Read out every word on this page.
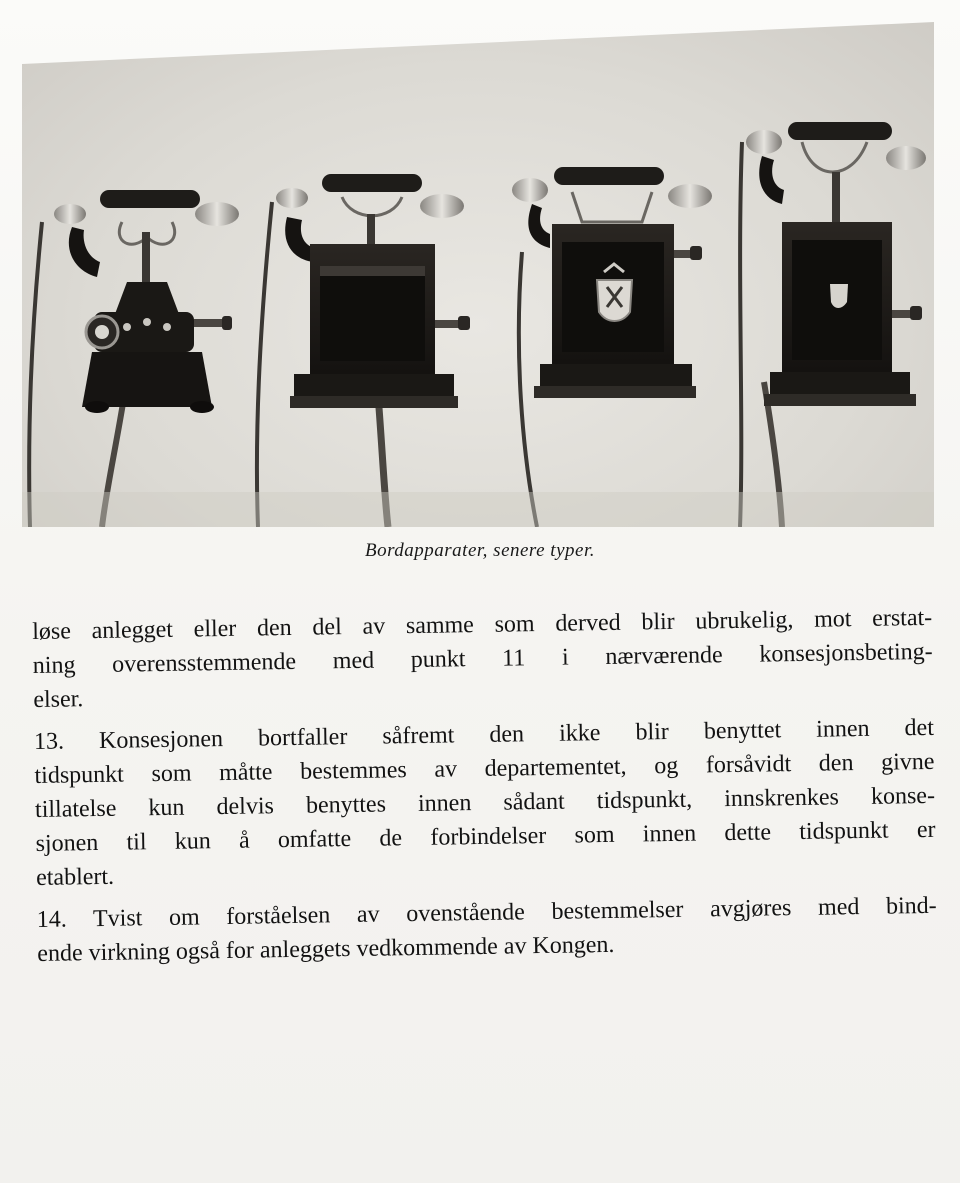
Bordapparater, senere typer.
løse anlegget eller den del av samme som derved blir ubrukelig, mot erstat-
ning overensstemmende med punkt 11 i nærværende konsesjonsbeting-
elser.
13. Konsesjonen bortfaller såfremt den ikke blir benyttet innen det
tidspunkt som måtte bestemmes av departementet, og forsåvidt den givne
tillatelse kun delvis benyttes innen sådant tidspunkt, innskrenkes konse-
sjonen til kun å omfatte de forbindelser som innen dette tidspunkt er
etablert.
14. Tvist om forståelsen av ovenstående bestemmelser avgjøres med bind-
ende virkning også for anleggets vedkommende av Kongen.
